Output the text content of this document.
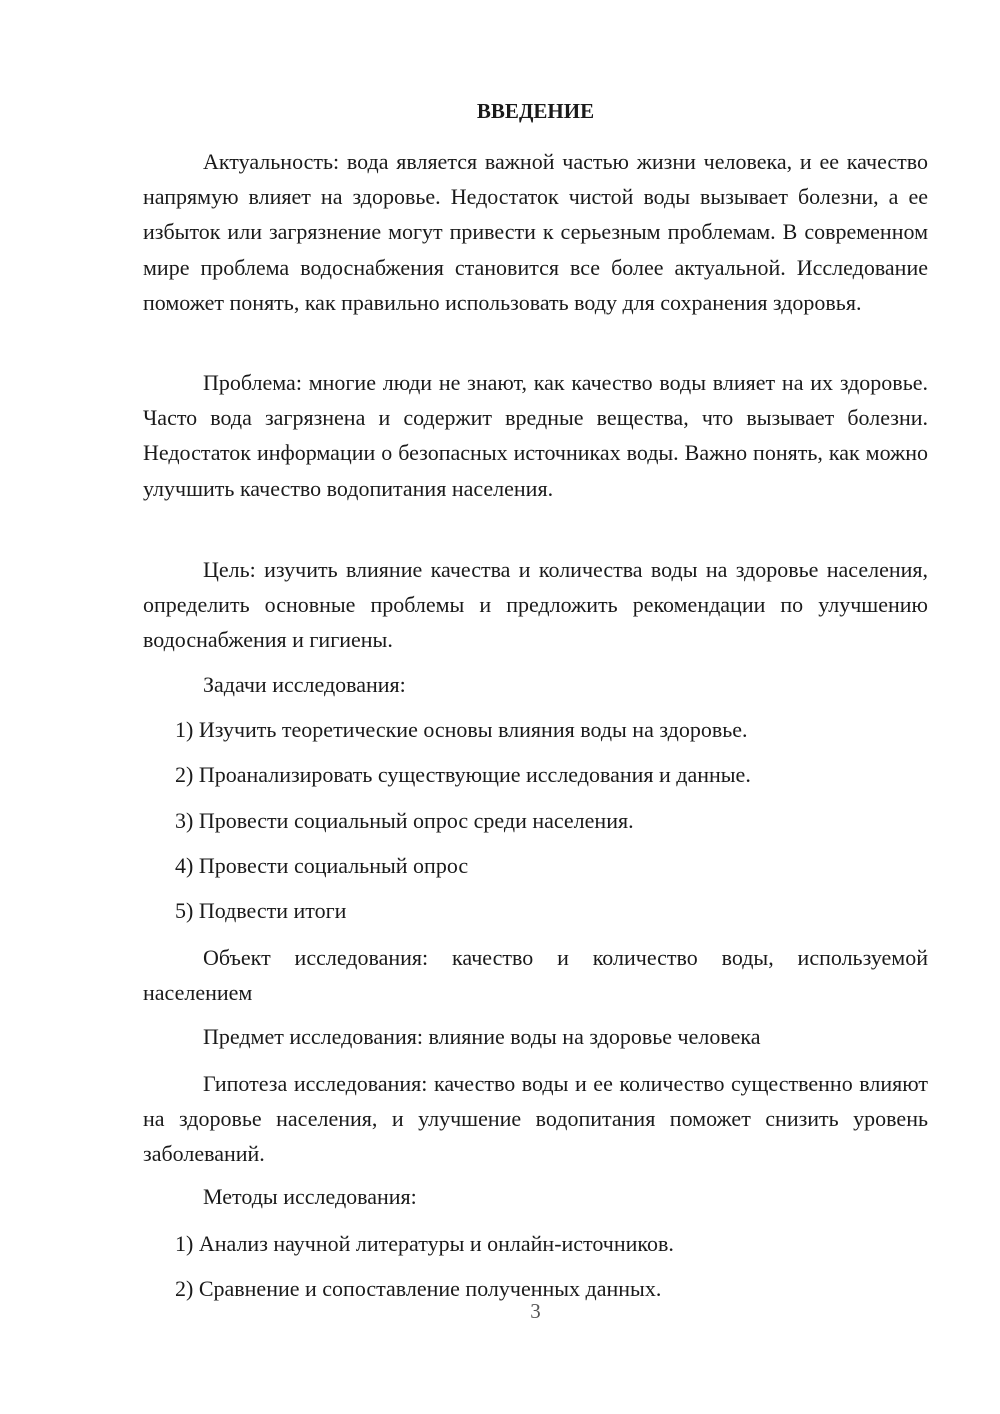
ВВЕДЕНИЕ

Актуальность: вода является важной частью жизни человека, и ее качество напрямую влияет на здоровье. Недостаток чистой воды вызывает болезни, а ее избыток или загрязнение могут привести к серьезным проблемам. В современном мире проблема водоснабжения становится все более актуальной. Исследование поможет понять, как правильно использовать воду для сохранения здоровья.

Проблема: многие люди не знают, как качество воды влияет на их здоровье. Часто вода загрязнена и содержит вредные вещества, что вызывает болезни. Недостаток информации о безопасных источниках воды. Важно понять, как можно улучшить качество водопитания населения.

Цель: изучить влияние качества и количества воды на здоровье населения, определить основные проблемы и предложить рекомендации по улучшению водоснабжения и гигиены.

Задачи исследования:

1) Изучить теоретические основы влияния воды на здоровье.

2) Проанализировать существующие исследования и данные.

3) Провести социальный опрос среди населения.

4) Провести социальный опрос

5) Подвести итоги

Объект исследования: качество и количество воды, используемой населением

Предмет исследования: влияние воды на здоровье человека

Гипотеза исследования: качество воды и ее количество существенно влияют на здоровье населения, и улучшение водопитания поможет снизить уровень заболеваний.

Методы исследования:

1) Анализ научной литературы и онлайн-источников.

2) Сравнение и сопоставление полученных данных.

3
